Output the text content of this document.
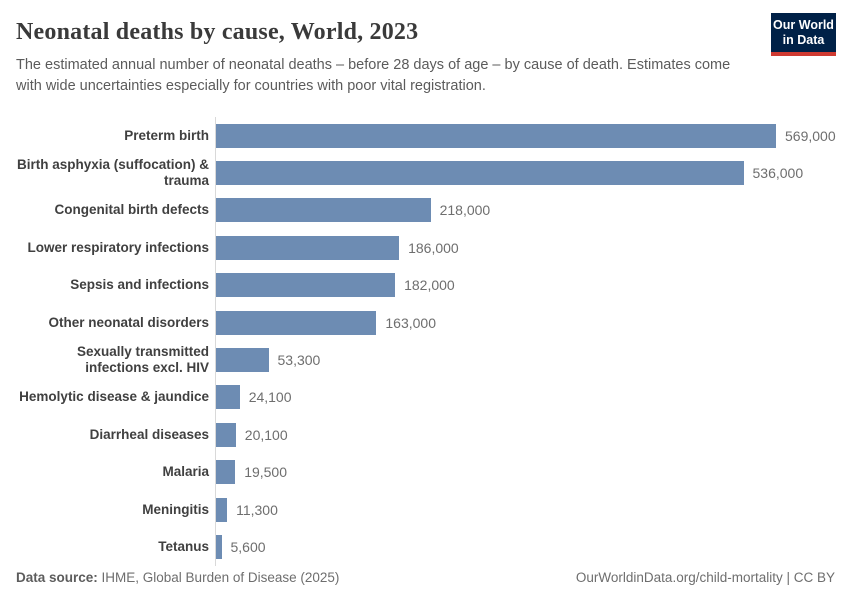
Neonatal deaths by cause, World, 2023
The estimated annual number of neonatal deaths – before 28 days of age – by cause of death. Estimates come with wide uncertainties especially for countries with poor vital registration.
Our World
in Data
Preterm birth	569,000
Birth asphyxia (suffocation) & trauma	536,000
Congenital birth defects	218,000
Lower respiratory infections	186,000
Sepsis and infections	182,000
Other neonatal disorders	163,000
Sexually transmitted infections excl. HIV	53,300
Hemolytic disease & jaundice	24,100
Diarrheal diseases	20,100
Malaria	19,500
Meningitis	11,300
Tetanus	5,600
Data source: IHME, Global Burden of Disease (2025)	OurWorldinData.org/child-mortality | CC BY
